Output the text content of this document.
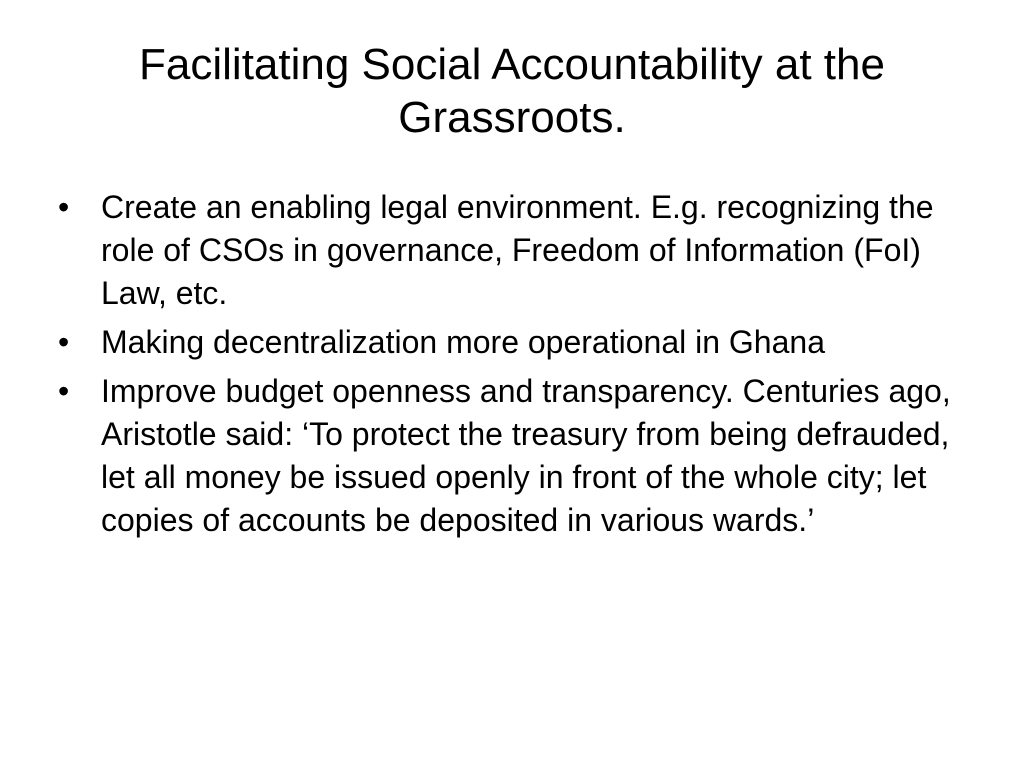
Facilitating Social Accountability at the Grassroots.
• Create an enabling legal environment. E.g. recognizing the role of CSOs in governance, Freedom of Information (FoI) Law, etc.
• Making decentralization more operational in Ghana
• Improve budget openness and transparency. Centuries ago, Aristotle said: ‘To protect the treasury from being defrauded, let all money be issued openly in front of the whole city; let copies of accounts be deposited in various wards.’
